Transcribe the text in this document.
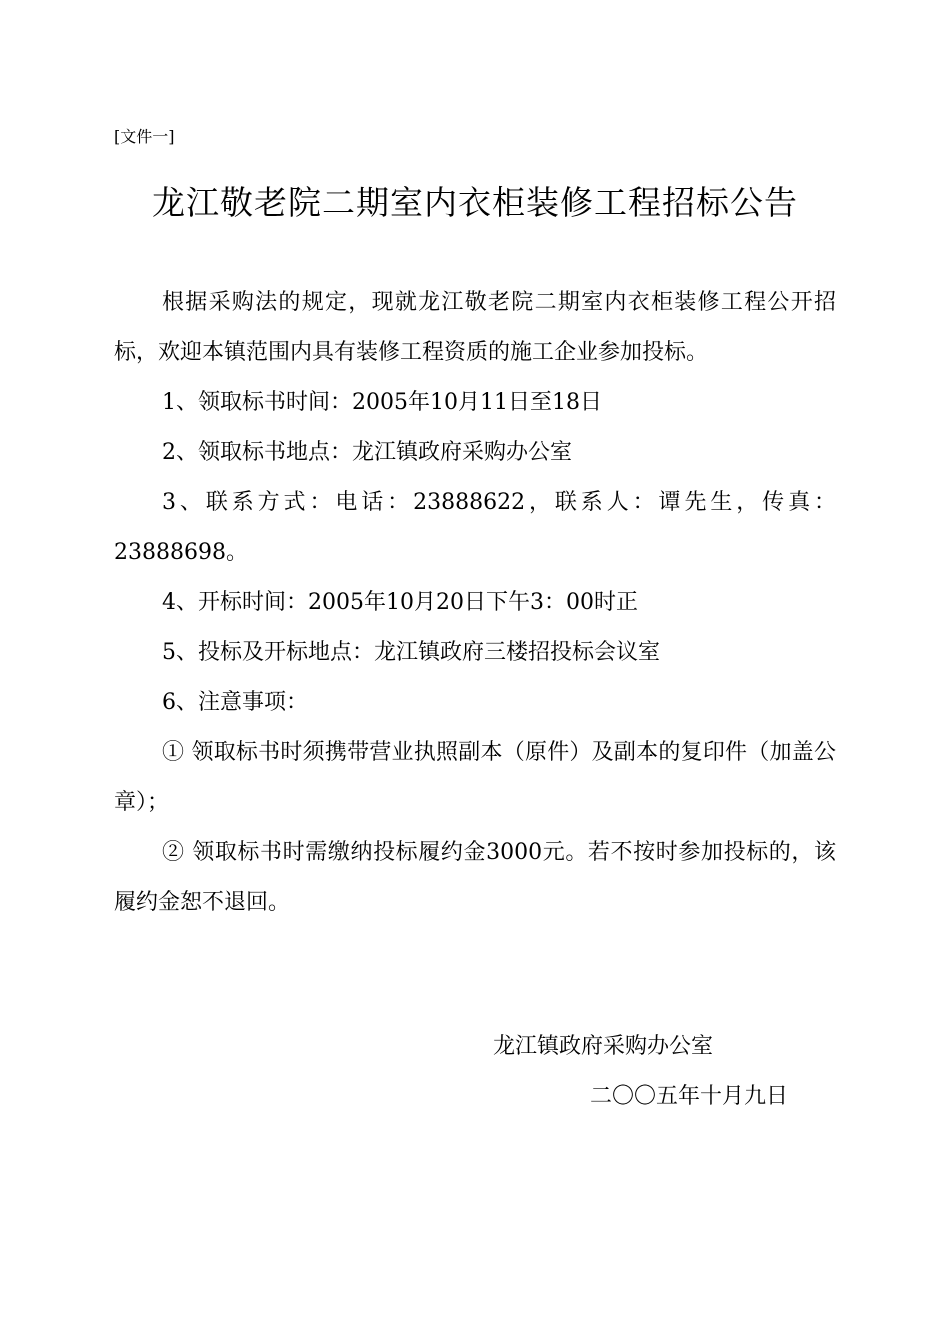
[文件一]
龙江敬老院二期室内衣柜装修工程招标公告

根据采购法的规定，现就龙江敬老院二期室内衣柜装修工程公开招标，欢迎本镇范围内具有装修工程资质的施工企业参加投标。

1、领取标书时间：2005年10月11日至18日

2、领取标书地点：龙江镇政府采购办公室

3、联系方式：电话：23888622，联系人：谭先生，传真：23888698。

4、开标时间：2005年10月20日下午3：00时正

5、投标及开标地点：龙江镇政府三楼招投标会议室

6、注意事项：

① 领取标书时须携带营业执照副本（原件）及副本的复印件（加盖公章）；

② 领取标书时需缴纳投标履约金3000元。若不按时参加投标的，该履约金恕不退回。

龙江镇政府采购办公室
二〇〇五年十月九日
